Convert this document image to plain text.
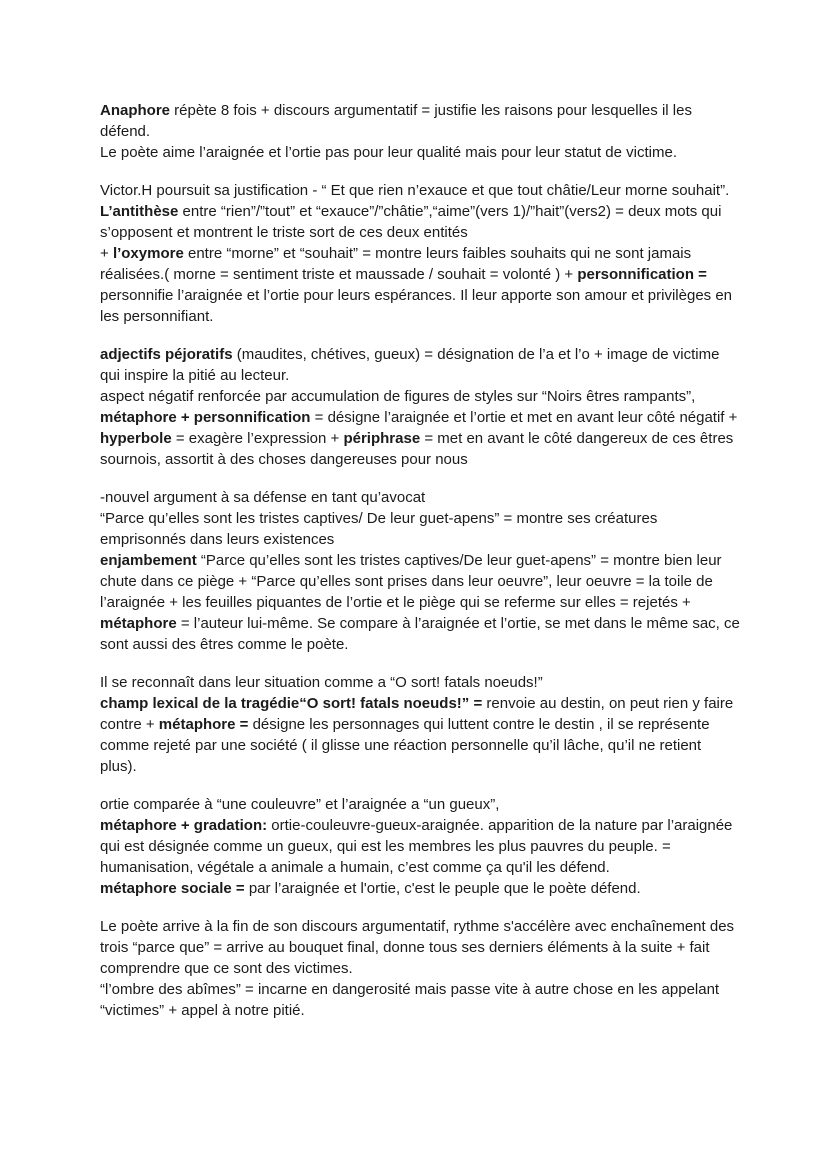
Anaphore répète 8 fois + discours argumentatif = justifie les raisons pour lesquelles il les défend.

Le poète aime l’araignée et l’ortie pas pour leur qualité mais pour leur statut de victime.

Victor.H poursuit sa justification - “ Et que rien n’exauce et que tout châtie/Leur morne souhait”.

L’antithèse entre “rien”/”tout” et “exauce”/”châtie”,“aime”(vers 1)/”hait”(vers2) = deux mots qui s’opposent et montrent le triste sort de ces deux entités

+ l’oxymore entre “morne” et “souhait” = montre leurs faibles souhaits qui ne sont jamais réalisées.( morne = sentiment triste et maussade / souhait = volonté ) + personnification = personnifie l’araignée et l’ortie pour leurs espérances. Il leur apporte son amour et privilèges en les personnifiant.

adjectifs péjoratifs (maudites, chétives, gueux) = désignation de l’a et l’o + image de victime qui inspire la pitié au lecteur.

aspect négatif renforcée par accumulation de figures de styles sur “Noirs êtres rampants”, métaphore + personnification = désigne l’araignée et l’ortie et met en avant leur côté négatif + hyperbole = exagère l’expression + périphrase = met en avant le côté dangereux de ces êtres sournois, assortit à des choses dangereuses pour nous

-nouvel argument à sa défense en tant qu’avocat

“Parce qu’elles sont les tristes captives/ De leur guet-apens” = montre ses créatures emprisonnés dans leurs existences

enjambement “Parce qu’elles sont les tristes captives/De leur guet-apens” = montre bien leur chute dans ce piège + “Parce qu’elles sont prises dans leur oeuvre”, leur oeuvre = la toile de l’araignée + les feuilles piquantes de l’ortie et le piège qui se referme sur elles = rejetés + métaphore = l’auteur lui-même. Se compare à l’araignée et l’ortie, se met dans le même sac, ce sont aussi des êtres comme le poète.

Il se reconnaît dans leur situation comme a “O sort! fatals noeuds!”

champ lexical de la tragédie“O sort! fatals noeuds!” = renvoie au destin, on peut rien y faire contre + métaphore = désigne les personnages qui luttent contre le destin , il se représente comme rejeté par une société ( il glisse une réaction personnelle qu’il lâche, qu’il ne retient plus).

ortie comparée à “une couleuvre” et l’araignée a “un gueux”,

métaphore + gradation: ortie-couleuvre-gueux-araignée. apparition de la nature par l’araignée qui est désignée comme un gueux, qui est les membres les plus pauvres du peuple. = humanisation, végétale a animale a humain, c’est comme ça qu'il les défend.

métaphore sociale = par l’araignée et l'ortie, c'est le peuple que le poète défend.

Le poète arrive à la fin de son discours argumentatif, rythme s'accélère avec enchaînement des trois “parce que” = arrive au bouquet final, donne tous ses derniers éléments à la suite + fait comprendre que ce sont des victimes.

“l’ombre des abîmes” = incarne en dangerosité mais passe vite à autre chose en les appelant “victimes” + appel à notre pitié.
